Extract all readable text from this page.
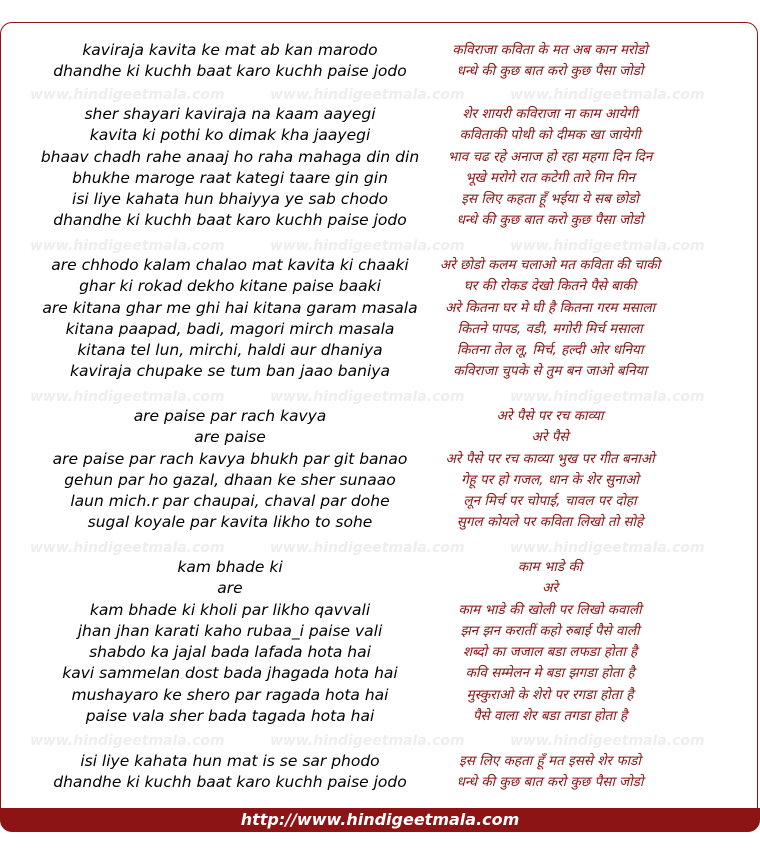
kaviraja kavita ke mat ab kan marodo	कविराजा कविता के मत अब कान मरोडो
dhandhe ki kuchh baat karo kuchh paise jodo	धन्धे की कुछ बात करो कुछ पैसा जोडो
sher shayari kaviraja na kaam aayegi	शेर शायरी कविराजा ना काम आयेगी
kavita ki pothi ko dimak kha jaayegi	कविताकी पोथी को दीमक खा जायेगी
bhaav chadh rahe anaaj ho raha mahaga din din	भाव चढ रहे अनाज हो रहा महगा दिन दिन
bhukhe maroge raat kategi taare gin gin	भूखे मरोगे रात कटेगी तारे गिन गिन
isi liye kahata hun bhaiyya ye sab chodo	इस लिए कहता हूँ भईया ये सब छोडो
dhandhe ki kuchh baat karo kuchh paise jodo	धन्धे की कुछ बात करो कुछ पैसा जोडो
are chhodo kalam chalao mat kavita ki chaaki	अरे छोडो कलम चलाओ मत कविता की चाकी
ghar ki rokad dekho kitane paise baaki	घर की रोकड देखो कितने पैसे बाकी
are kitana ghar me ghi hai kitana garam masala	अरे कितना घर मे घी है कितना गरम मसाला
kitana paapad, badi, magori mirch masala	कितने पापड, वडी, मगोरी मिर्च मसाला
kitana tel lun, mirchi, haldi aur dhaniya	कितना तेल लू, मिर्च, हल्दी ओर धनिया
kaviraja chupake se tum ban jaao baniya	कविराजा चुपके से तुम बन जाओ बनिया
are paise par rach kavya	अरे पैसे पर रच काव्या
are paise	अरे पैसे
are paise par rach kavya bhukh par git banao	अरे पैसे पर रच काव्या भुख पर गीत बनाओ
gehun par ho gazal, dhaan ke sher sunaao	गेहू पर हो गजल, धान के शेर सुनाओ
laun mich.r par chaupai, chaval par dohe	लून मिर्च पर चोपाई, चावल पर दोहा
sugal koyale par kavita likho to sohe	सुगल कोयले पर कविता लिखो तो सोहे
kam bhade ki	काम भाडे की
are	अरे
kam bhade ki kholi par likho qavvali	काम भाडे की खोली पर लिखो कवाली
jhan jhan karati kaho rubaa_i paise vali	झन झन करातीं कहो रुबाई पैसे वाली
shabdo ka jajal bada lafada hota hai	शब्दो का जजाल बडा लफडा होता है
kavi sammelan dost bada jhagada hota hai	कवि सम्मेलन मे बडा झगडा होता है
mushayaro ke shero par ragada hota hai	मुस्कुराओ के शेरो पर रगडा होता है
paise vala sher bada tagada hota hai	पैसे वाला शेर बडा तगडा होता है
isi liye kahata hun mat is se sar phodo	इस लिए कहता हूँ मत इससे शेर फाडो
dhandhe ki kuchh baat karo kuchh paise jodo	धन्धे की कुछ बात करो कुछ पैसा जोडो
www.hindigeetmala.com	www.hindigeetmala.com	www.hindigeetmala.com
www.hindigeetmala.com	www.hindigeetmala.com	www.hindigeetmala.com
www.hindigeetmala.com	www.hindigeetmala.com	www.hindigeetmala.com
www.hindigeetmala.com	www.hindigeetmala.com	www.hindigeetmala.com
www.hindigeetmala.com	www.hindigeetmala.com	www.hindigeetmala.com
http://www.hindigeetmala.com
